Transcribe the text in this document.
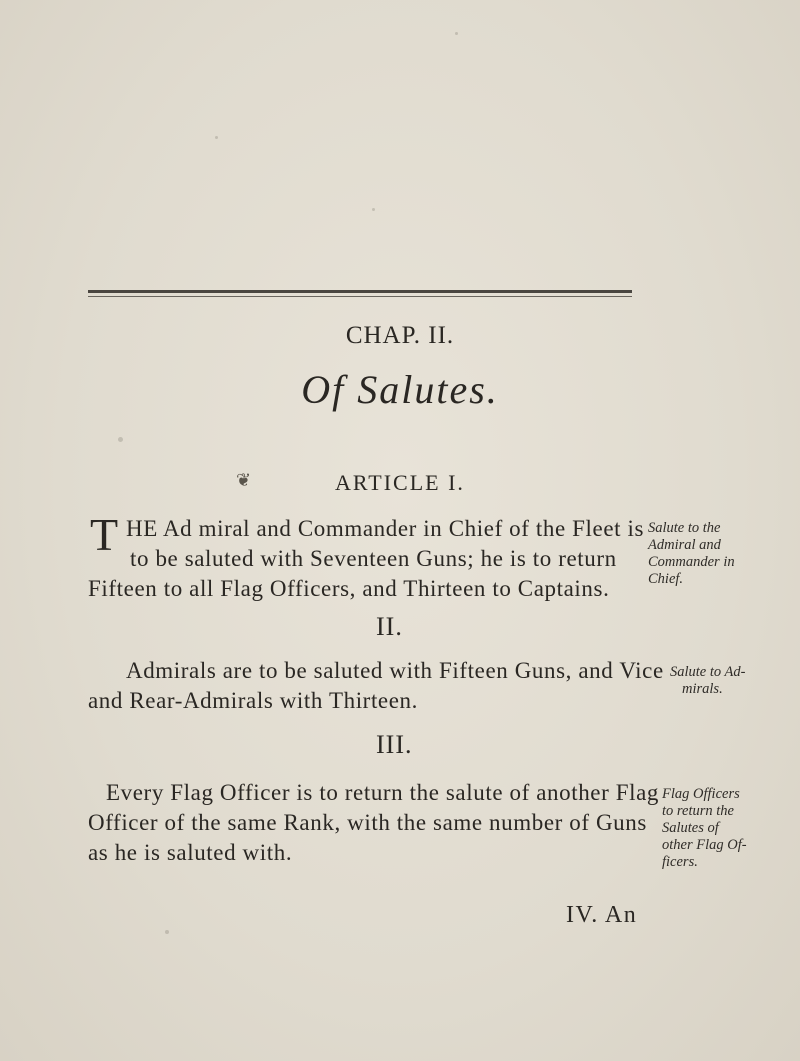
CHAP. II.
Of Salutes.
❦	ARTICLE I.
T HE Ad miral and Commander in Chief of the Fleet is
to be saluted with Seventeen Guns; he is to return
Fifteen to all Flag Officers, and Thirteen to Captains.
Salute to the
Admiral and
Commander in
Chief.
II.
Admirals are to be saluted with Fifteen Guns, and Vice
and Rear-Admirals with Thirteen.
Salute to Ad-
mirals.
III.
Every Flag Officer is to return the salute of another Flag
Officer of the same Rank, with the same number of Guns
as he is saluted with.
Flag Officers
to return the
Salutes of
other Flag Of-
ficers.
IV. An
